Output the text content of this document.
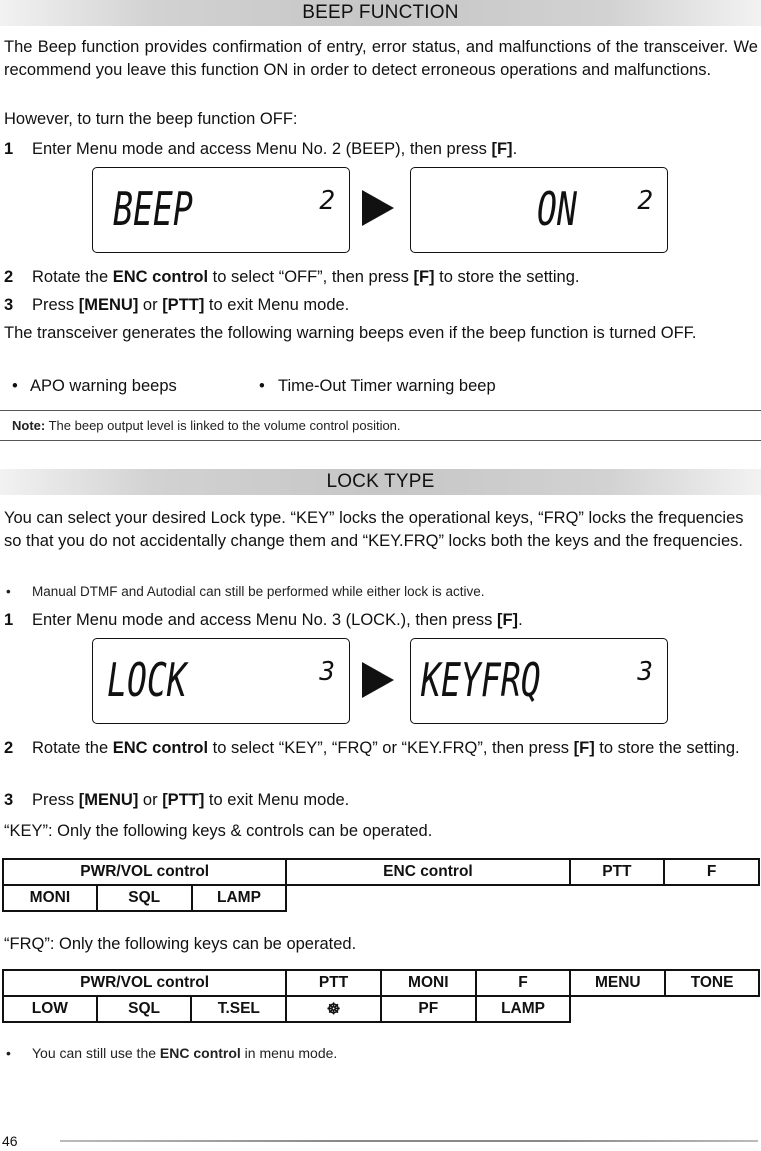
BEEP FUNCTION
The Beep function provides confirmation of entry, error status, and malfunctions of the transceiver. We recommend you leave this function ON in order to detect erroneous operations and malfunctions.
However, to turn the beep function OFF:
1 Enter Menu mode and access Menu No. 2 (BEEP), then press [F].
BEEP	2	ON 2
2 Rotate the ENC control to select “OFF”, then press [F] to store the setting.
3 Press [MENU] or [PTT] to exit Menu mode.
The transceiver generates the following warning beeps even if the beep function is turned OFF.
• APO warning beeps	• Time-Out Timer warning beep
Note: The beep output level is linked to the volume control position.
LOCK TYPE
You can select your desired Lock type. “KEY” locks the operational keys, “FRQ” locks the frequencies so that you do not accidentally change them and “KEY.FRQ” locks both the keys and the frequencies.
• Manual DTMF and Autodial can still be performed while either lock is active.
1 Enter Menu mode and access Menu No. 3 (LOCK.), then press [F].
LOCK	3 KEYFRQ	3
2 Rotate the ENC control to select “KEY”, “FRQ” or “KEY.FRQ”, then press [F] to store the setting.
3 Press [MENU] or [PTT] to exit Menu mode.
“KEY”: Only the following keys & controls can be operated.
PWR/VOL control			ENC control	PTT	F
MONI	SQL	LAMP			
“FRQ”: Only the following keys can be operated.
PWR/VOL control			PTT	MONI	F	MENU	TONE
LOW	SQL	T.SEL	☸	PF	LAMP		
• You can still use the ENC control in menu mode.
46
